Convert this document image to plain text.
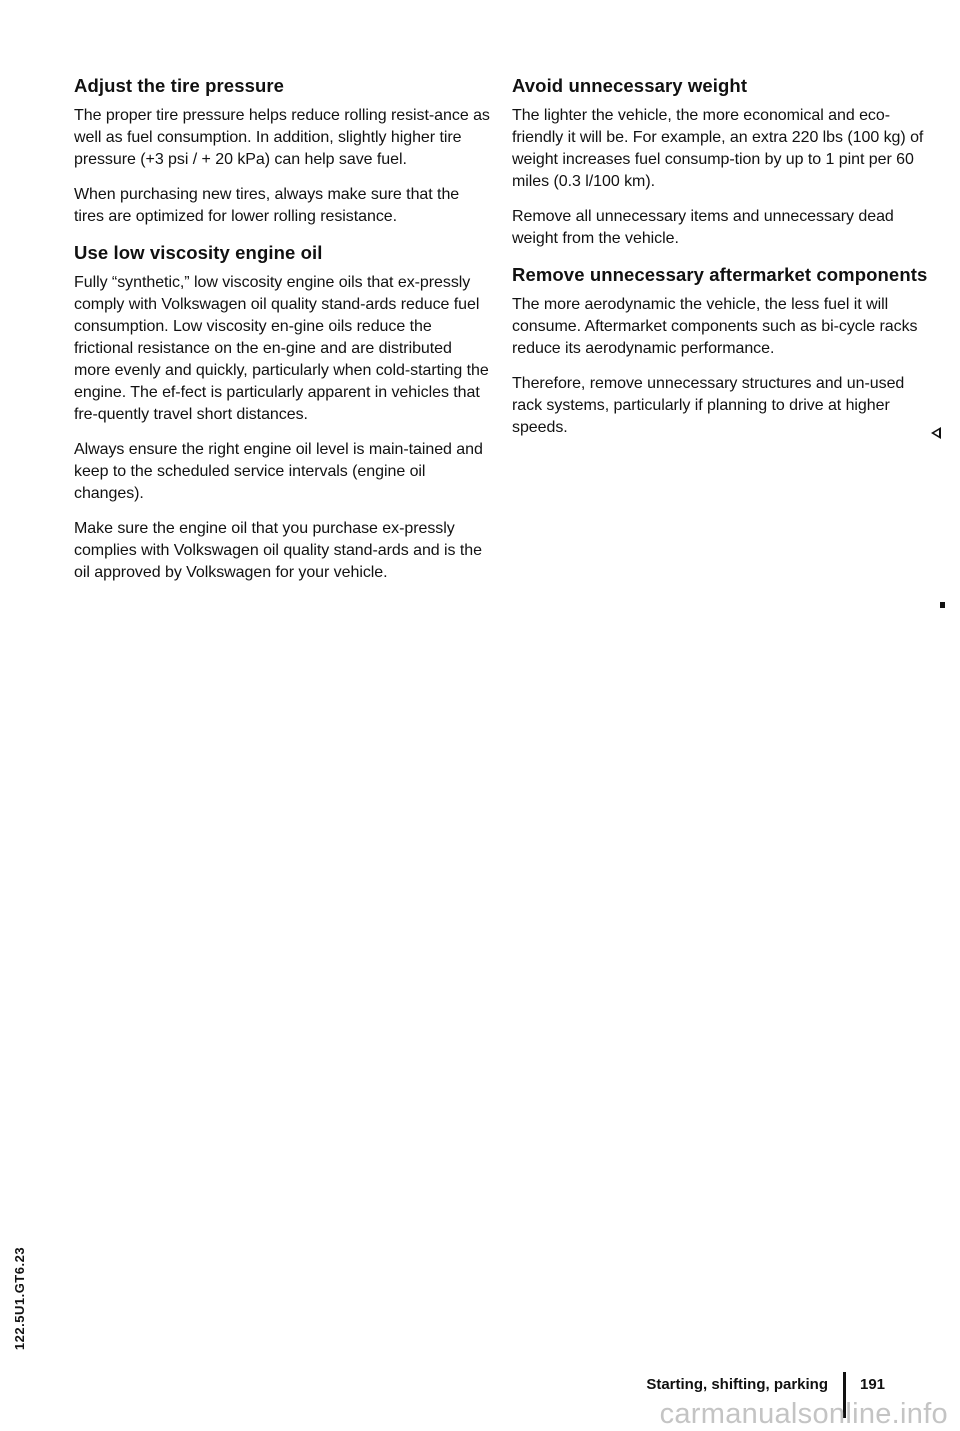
Adjust the tire pressure

The proper tire pressure helps reduce rolling resist-ance as well as fuel consumption. In addition, slightly higher tire pressure (+3 psi / + 20 kPa) can help save fuel.

When purchasing new tires, always make sure that the tires are optimized for lower rolling resistance.

Use low viscosity engine oil

Fully “synthetic,” low viscosity engine oils that ex-pressly comply with Volkswagen oil quality stand-ards reduce fuel consumption. Low viscosity en-gine oils reduce the frictional resistance on the en-gine and are distributed more evenly and quickly, particularly when cold-starting the engine. The ef-fect is particularly apparent in vehicles that fre-quently travel short distances.

Always ensure the right engine oil level is main-tained and keep to the scheduled service intervals (engine oil changes).

Make sure the engine oil that you purchase ex-pressly complies with Volkswagen oil quality stand-ards and is the oil approved by Volkswagen for your vehicle.

Avoid unnecessary weight

The lighter the vehicle, the more economical and eco-friendly it will be. For example, an extra 220 lbs (100 kg) of weight increases fuel consump-tion by up to 1 pint per 60 miles (0.3 l/100 km).

Remove all unnecessary items and unnecessary dead weight from the vehicle.

Remove unnecessary aftermarket components

The more aerodynamic the vehicle, the less fuel it will consume. Aftermarket components such as bi-cycle racks reduce its aerodynamic performance.

Therefore, remove unnecessary structures and un-used rack systems, particularly if planning to drive at higher speeds.

122.5U1.GT6.23
Starting, shifting, parking 191
carmanualsonline.info
